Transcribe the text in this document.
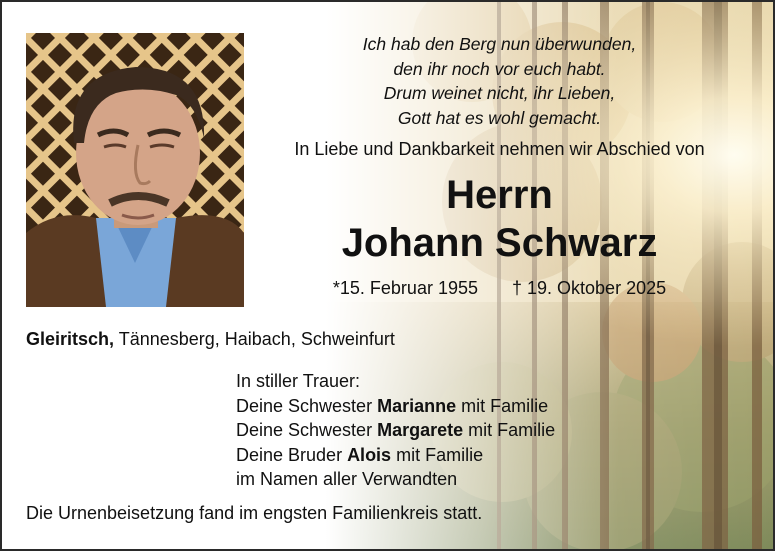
Ich hab den Berg nun überwunden,
den ihr noch vor euch habt.
Drum weinet nicht, ihr Lieben,
Gott hat es wohl gemacht.
In Liebe und Dankbarkeit nehmen wir Abschied von
Herrn
Johann Schwarz
*15. Februar 1955 † 19. Oktober 2025
Gleiritsch, Tännesberg, Haibach, Schweinfurt
In stiller Trauer:
Deine Schwester Marianne mit Familie
Deine Schwester Margarete mit Familie
Deine Bruder Alois mit Familie
im Namen aller Verwandten
Die Urnenbeisetzung fand im engsten Familienkreis statt.
